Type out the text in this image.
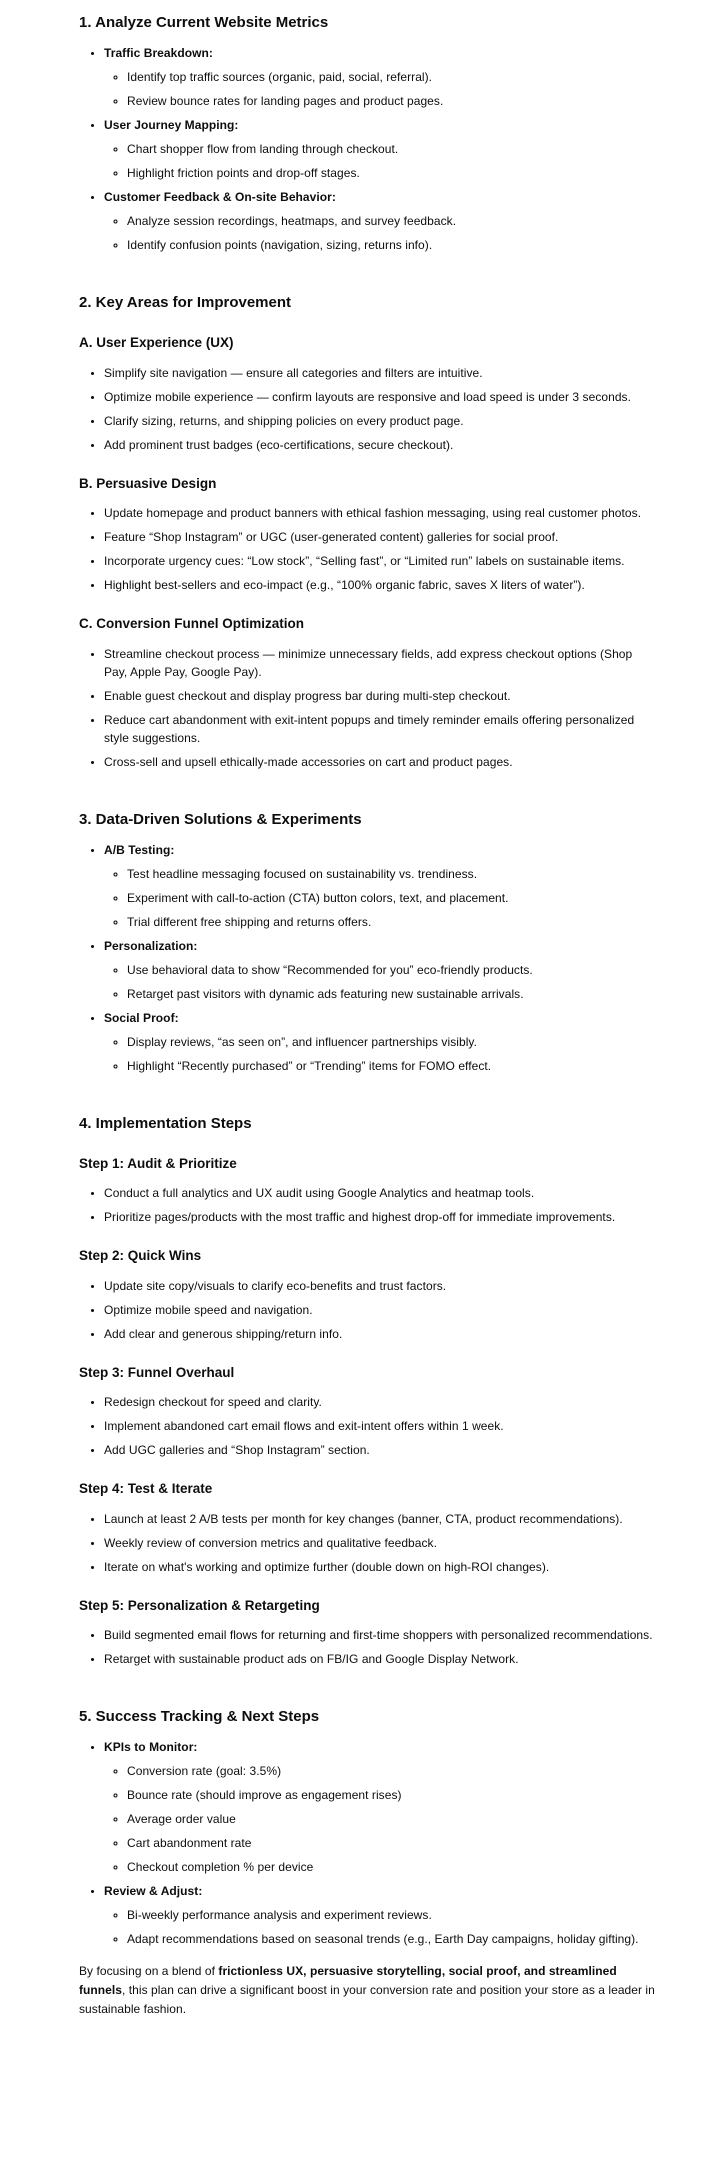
1. Analyze Current Website Metrics
• Traffic Breakdown:
◦ Identify top traffic sources (organic, paid, social, referral).
◦ Review bounce rates for landing pages and product pages.
• User Journey Mapping:
◦ Chart shopper flow from landing through checkout.
◦ Highlight friction points and drop-off stages.
• Customer Feedback & On-site Behavior:
◦ Analyze session recordings, heatmaps, and survey feedback.
◦ Identify confusion points (navigation, sizing, returns info).
2. Key Areas for Improvement
A. User Experience (UX)
• Simplify site navigation — ensure all categories and filters are intuitive.
• Optimize mobile experience — confirm layouts are responsive and load speed is under 3 seconds.
• Clarify sizing, returns, and shipping policies on every product page.
• Add prominent trust badges (eco-certifications, secure checkout).
B. Persuasive Design
• Update homepage and product banners with ethical fashion messaging, using real customer photos.
• Feature “Shop Instagram” or UGC (user-generated content) galleries for social proof.
• Incorporate urgency cues: “Low stock”, “Selling fast”, or “Limited run” labels on sustainable items.
• Highlight best-sellers and eco-impact (e.g., “100% organic fabric, saves X liters of water”).
C. Conversion Funnel Optimization
• Streamline checkout process — minimize unnecessary fields, add express checkout options (Shop Pay, Apple Pay, Google Pay).
• Enable guest checkout and display progress bar during multi-step checkout.
• Reduce cart abandonment with exit-intent popups and timely reminder emails offering personalized style suggestions.
• Cross-sell and upsell ethically-made accessories on cart and product pages.
3. Data-Driven Solutions & Experiments
• A/B Testing:
◦ Test headline messaging focused on sustainability vs. trendiness.
◦ Experiment with call-to-action (CTA) button colors, text, and placement.
◦ Trial different free shipping and returns offers.
• Personalization:
◦ Use behavioral data to show “Recommended for you” eco-friendly products.
◦ Retarget past visitors with dynamic ads featuring new sustainable arrivals.
• Social Proof:
◦ Display reviews, “as seen on”, and influencer partnerships visibly.
◦ Highlight “Recently purchased” or “Trending” items for FOMO effect.
4. Implementation Steps
Step 1: Audit & Prioritize
• Conduct a full analytics and UX audit using Google Analytics and heatmap tools.
• Prioritize pages/products with the most traffic and highest drop-off for immediate improvements.
Step 2: Quick Wins
• Update site copy/visuals to clarify eco-benefits and trust factors.
• Optimize mobile speed and navigation.
• Add clear and generous shipping/return info.
Step 3: Funnel Overhaul
• Redesign checkout for speed and clarity.
• Implement abandoned cart email flows and exit-intent offers within 1 week.
• Add UGC galleries and “Shop Instagram” section.
Step 4: Test & Iterate
• Launch at least 2 A/B tests per month for key changes (banner, CTA, product recommendations).
• Weekly review of conversion metrics and qualitative feedback.
• Iterate on what's working and optimize further (double down on high-ROI changes).
Step 5: Personalization & Retargeting
• Build segmented email flows for returning and first-time shoppers with personalized recommendations.
• Retarget with sustainable product ads on FB/IG and Google Display Network.
5. Success Tracking & Next Steps
• KPIs to Monitor:
◦ Conversion rate (goal: 3.5%)
◦ Bounce rate (should improve as engagement rises)
◦ Average order value
◦ Cart abandonment rate
◦ Checkout completion % per device
• Review & Adjust:
◦ Bi-weekly performance analysis and experiment reviews.
◦ Adapt recommendations based on seasonal trends (e.g., Earth Day campaigns, holiday gifting).

By focusing on a blend of frictionless UX, persuasive storytelling, social proof, and streamlined funnels, this plan can drive a significant boost in your conversion rate and position your store as a leader in sustainable fashion.
